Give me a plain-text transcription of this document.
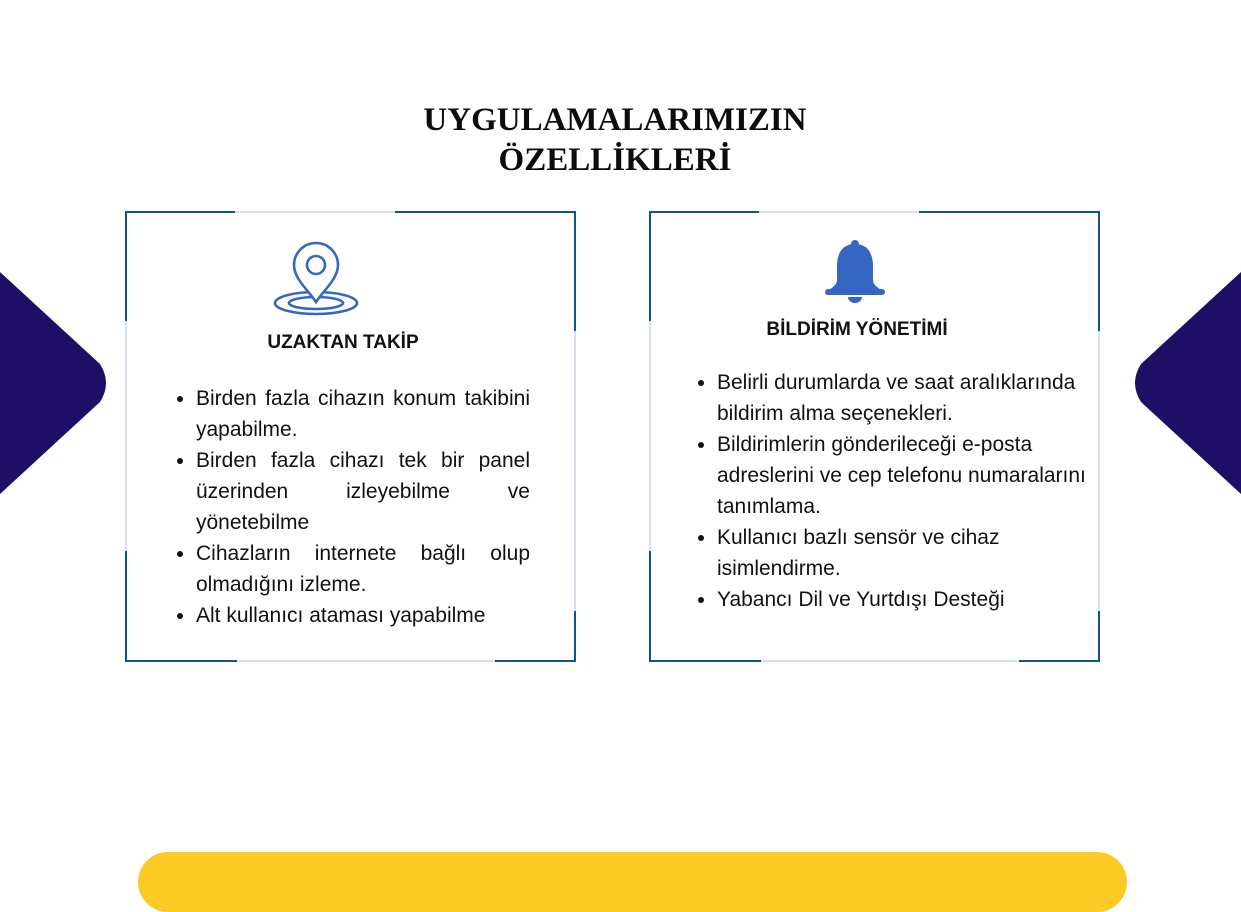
UYGULAMALARIMIZIN
ÖZELLİKLERİ
UZAKTAN TAKİP
• Birden fazla cihazın konum takibini yapabilme.
• Birden fazla cihazı tek bir panel üzerinden izleyebilme ve yönetebilme
• Cihazların internete bağlı olup olmadığını izleme.
• Alt kullanıcı ataması yapabilme
BİLDİRİM YÖNETİMİ
• Belirli durumlarda ve saat aralıklarında bildirim alma seçenekleri.
• Bildirimlerin gönderileceği e-posta adreslerini ve cep telefonu numaralarını tanımlama.
• Kullanıcı bazlı sensör ve cihaz isimlendirme.
• Yabancı Dil ve Yurtdışı Desteği
